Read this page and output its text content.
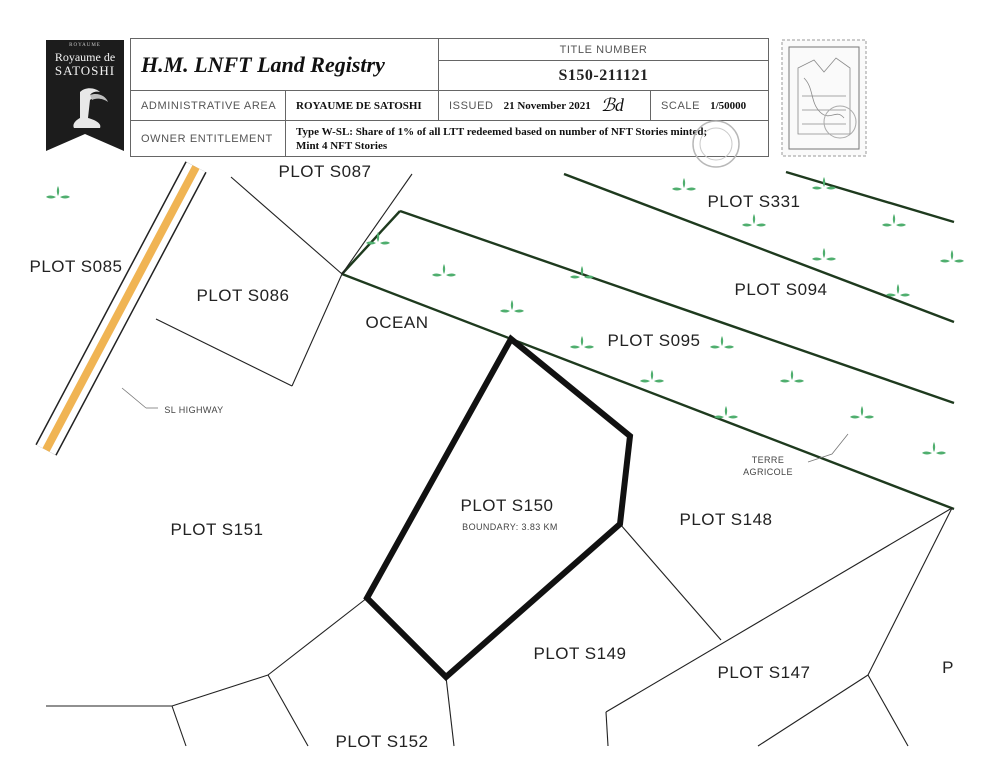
ROYAUME
Royaume de
SATOSHI	H.M. LNFT Land Registry		TITLE NUMBER	
		S150-211121	
ADMINISTRATIVE AREA	ROYAUME DE SATOSHI	ISSUED 21 November 2021 ℬd	SCALE 1/50000

OWNER ENTITLEMENT	Type W-SL: Share of 1% of all LTT redeemed based on number of NFT Stories minted;
Mint 4 NFT Stories		
PLOT S087
PLOT S085
PLOT S086
OCEAN
PLOT S331
PLOT S094
PLOT S095
PLOT S150
BOUNDARY: 3.83 KM
PLOT S151
PLOT S148
PLOT S149
PLOT S147
PLOT S152
P
SL HIGHWAY
TERRE
AGRICOLE
